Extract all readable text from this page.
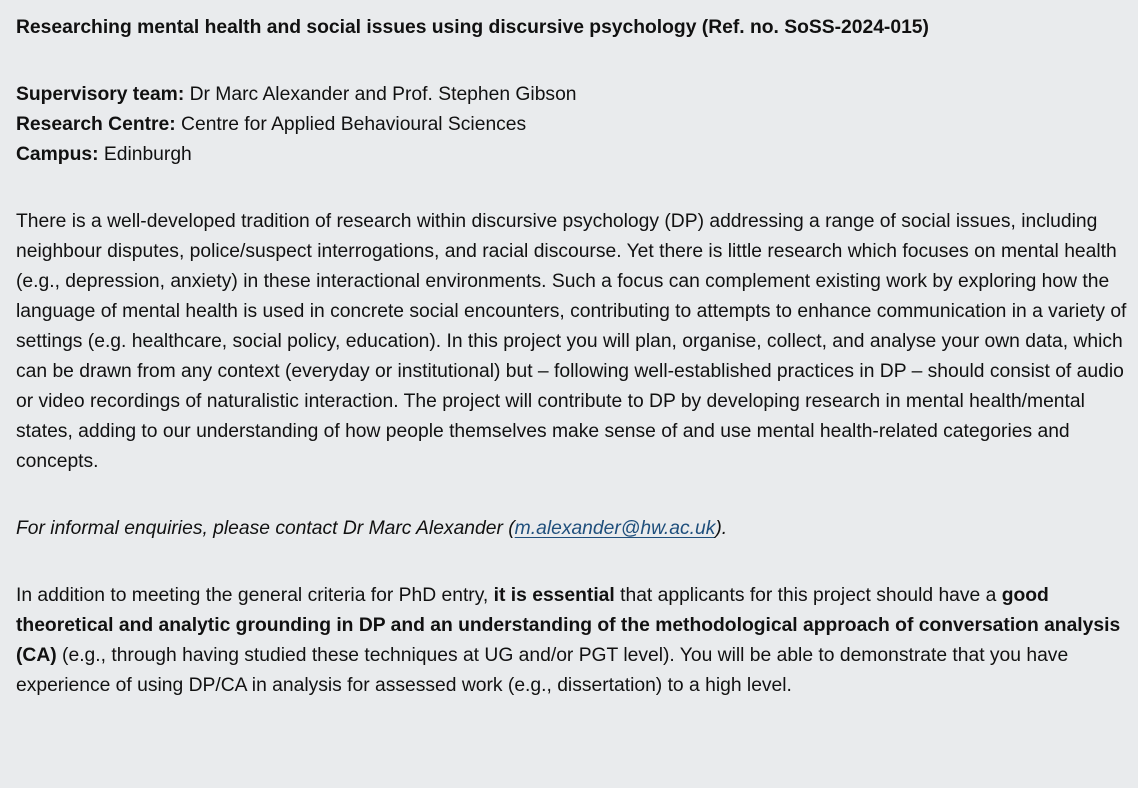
Researching mental health and social issues using discursive psychology (Ref. no. SoSS-2024-015)

Supervisory team: Dr Marc Alexander and Prof. Stephen Gibson

Research Centre: Centre for Applied Behavioural Sciences

Campus: Edinburgh

There is a well-developed tradition of research within discursive psychology (DP) addressing a range of social issues, including neighbour disputes, police/suspect interrogations, and racial discourse. Yet there is little research which focuses on mental health (e.g., depression, anxiety) in these interactional environments. Such a focus can complement existing work by exploring how the language of mental health is used in concrete social encounters, contributing to attempts to enhance communication in a variety of settings (e.g. healthcare, social policy, education). In this project you will plan, organise, collect, and analyse your own data, which can be drawn from any context (everyday or institutional) but – following well-established practices in DP – should consist of audio or video recordings of naturalistic interaction. The project will contribute to DP by developing research in mental health/mental states, adding to our understanding of how people themselves make sense of and use mental health-related categories and concepts.

For informal enquiries, please contact Dr Marc Alexander (m.alexander@hw.ac.uk).

In addition to meeting the general criteria for PhD entry, it is essential that applicants for this project should have a good theoretical and analytic grounding in DP and an understanding of the methodological approach of conversation analysis (CA) (e.g., through having studied these techniques at UG and/or PGT level). You will be able to demonstrate that you have experience of using DP/CA in analysis for assessed work (e.g., dissertation) to a high level.
